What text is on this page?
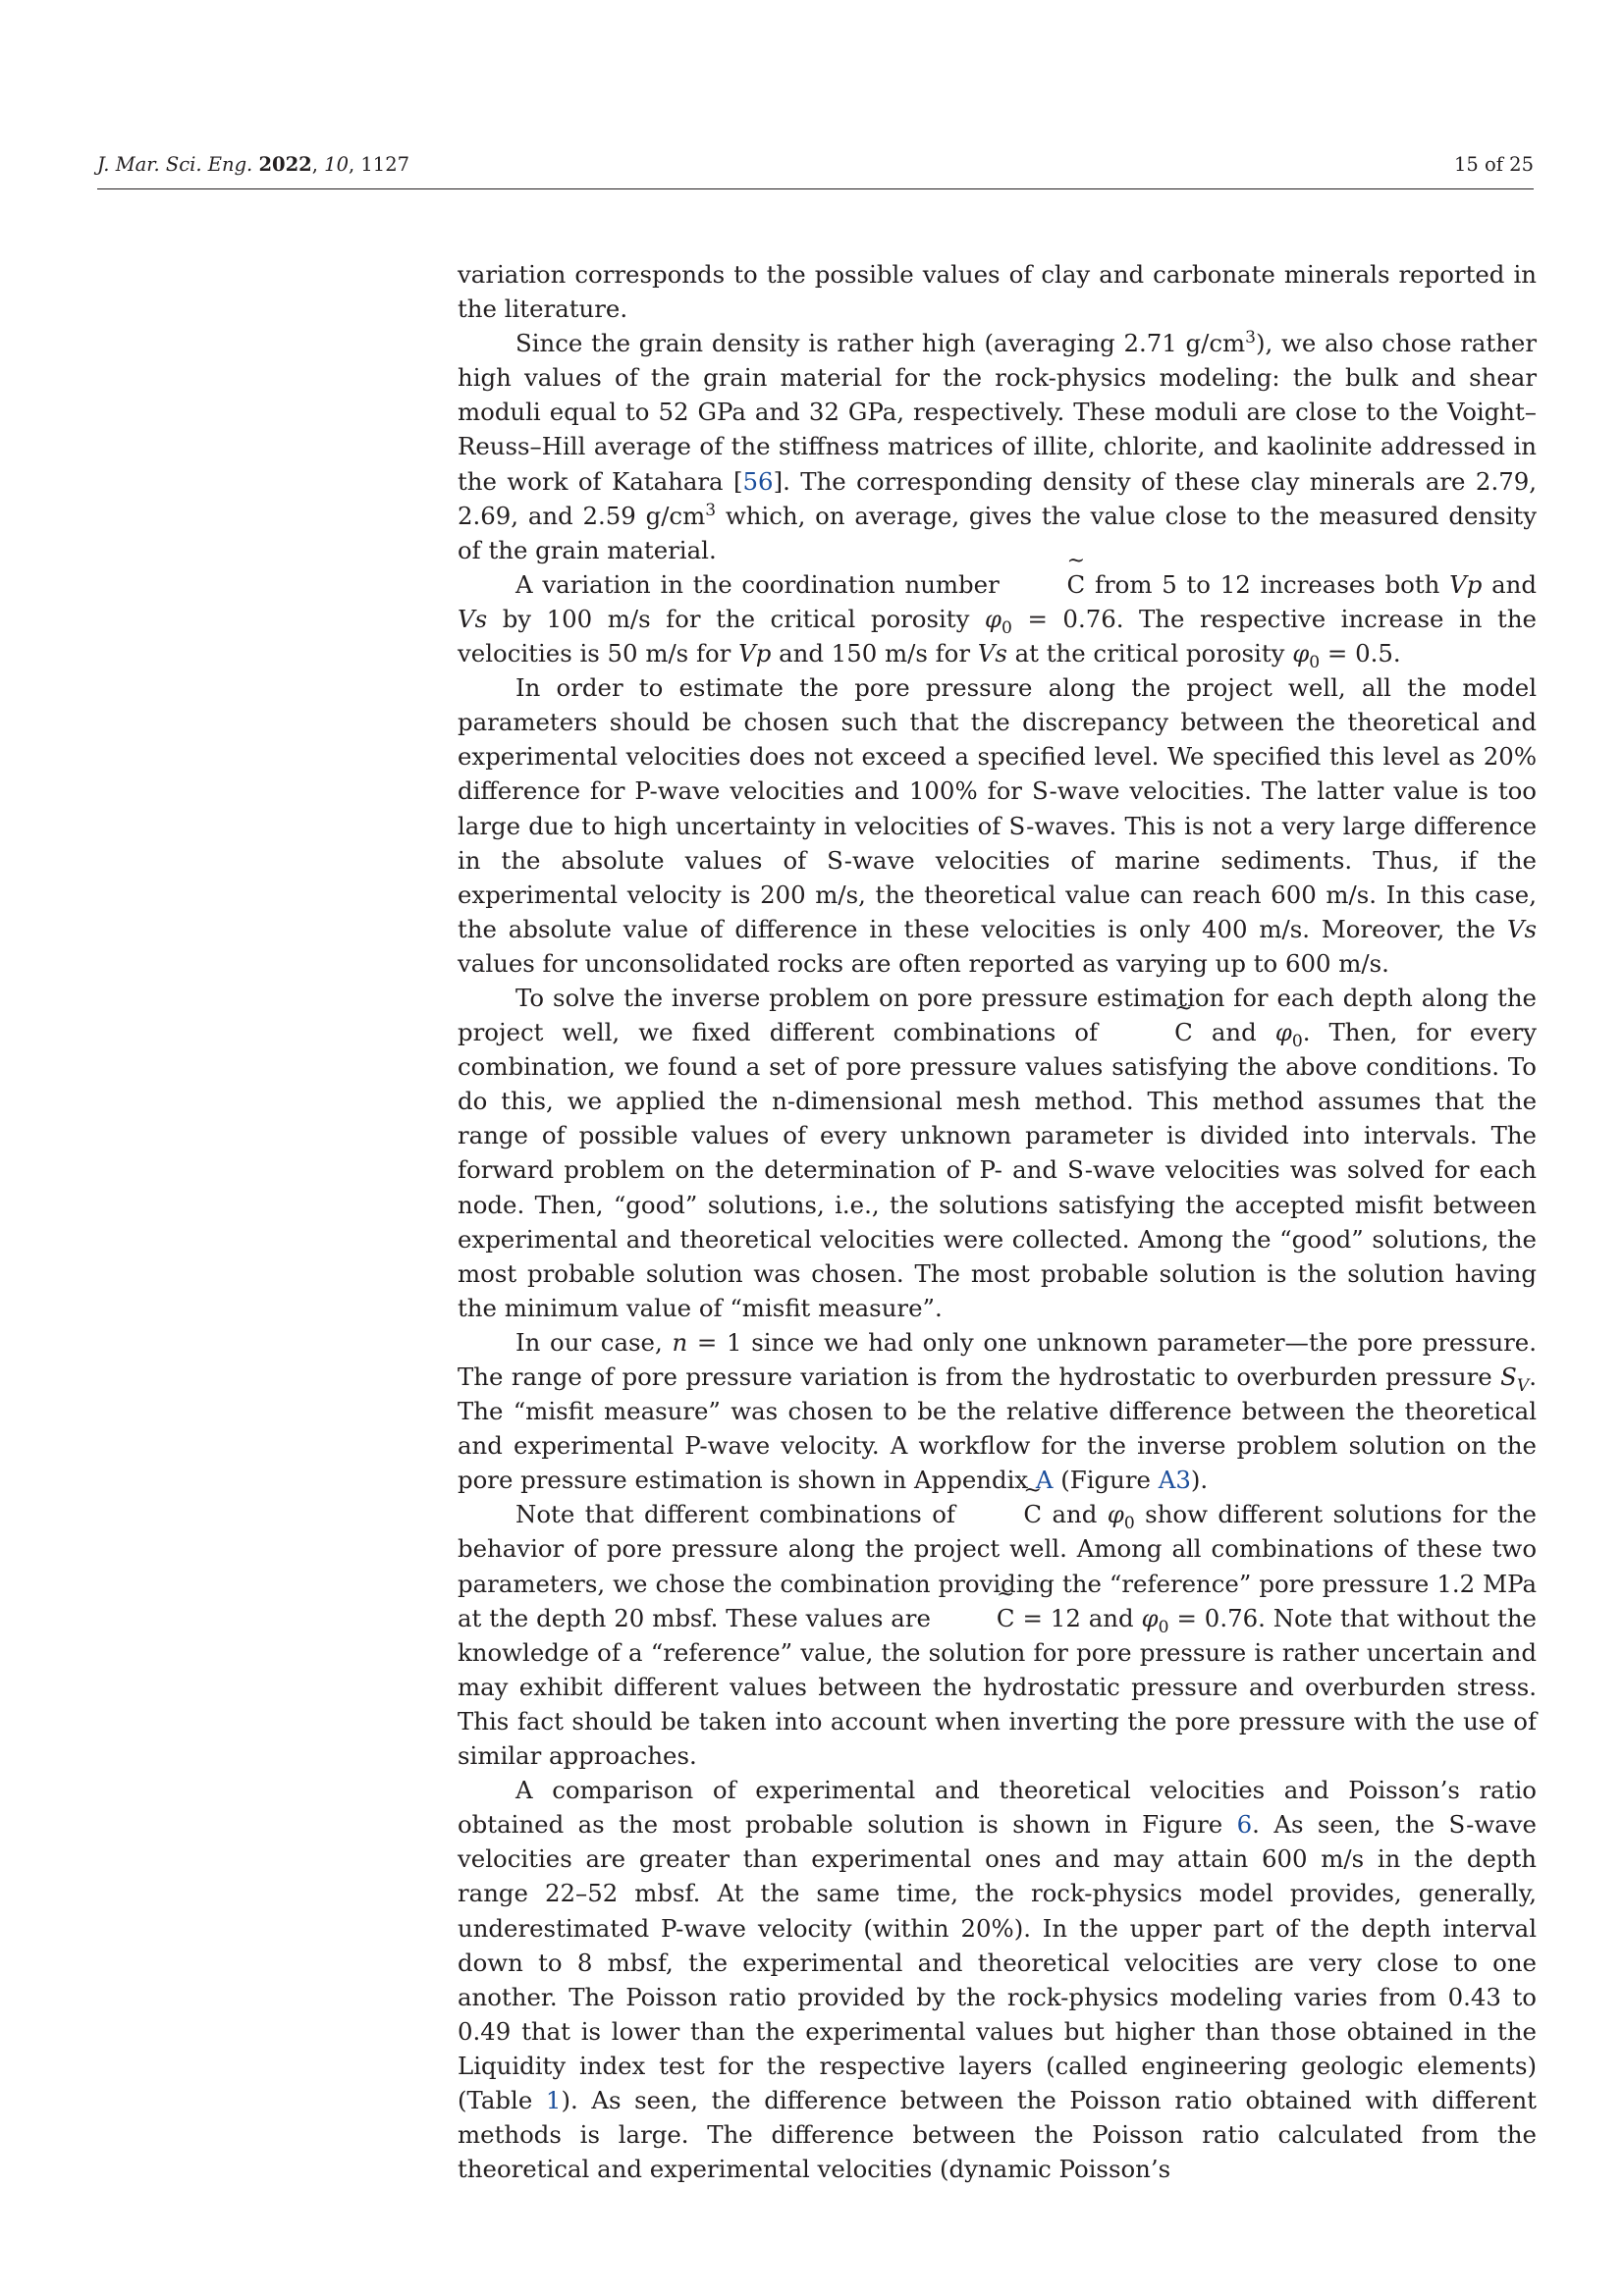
J. Mar. Sci. Eng. 2022, 10, 1127	15 of 25

variation corresponds to the possible values of clay and carbonate minerals reported in the literature.

Since the grain density is rather high (averaging 2.71 $g/cm^3$), we also chose rather high values of the grain material for the rock-physics modeling: the bulk and shear moduli equal to 52 GPa and 32 GPa, respectively. These moduli are close to the Voight–Reuss–Hill average of the stiffness matrices of illite, chlorite, and kaolinite addressed in the work of Katahara [56]. The corresponding density of these clay minerals are 2.79, 2.69, and 2.59 $g/cm^3$ which, on average, gives the value close to the measured density of the grain material.

A variation in the coordination number ~ C from 5 to 12 increases both Vp and Vs by 100 m/s for the critical porosity $\varphi_0 = 0.76$. The respective increase in the velocities is 50 m/s for Vp and 150 m/s for Vs at the critical porosity $\varphi_0 = 0.5$.

In order to estimate the pore pressure along the project well, all the model parameters should be chosen such that the discrepancy between the theoretical and experimental velocities does not exceed a specified level. We specified this level as 20% difference for P-wave velocities and 100% for S-wave velocities. The latter value is too large due to high uncertainty in velocities of S-waves. This is not a very large difference in the absolute values of S-wave velocities of marine sediments. Thus, if the experimental velocity is 200 m/s, the theoretical value can reach 600 m/s. In this case, the absolute value of difference in these velocities is only 400 m/s. Moreover, the Vs values for unconsolidated rocks are often reported as varying up to 600 m/s.

To solve the inverse problem on pore pressure estimation for each depth along the project well, we fixed different combinations of ~ C and $\varphi_0$. Then, for every combination, we found a set of pore pressure values satisfying the above conditions. To do this, we applied the n-dimensional mesh method. This method assumes that the range of possible values of every unknown parameter is divided into intervals. The forward problem on the determination of P- and S-wave velocities was solved for each node. Then, “good” solutions, i.e., the solutions satisfying the accepted misfit between experimental and theoretical velocities were collected. Among the “good” solutions, the most probable solution was chosen. The most probable solution is the solution having the minimum value of “misfit measure”.

In our case, n = 1 since we had only one unknown parameter—the pore pressure. The range of pore pressure variation is from the hydrostatic to overburden pressure $S_V$. The “misfit measure” was chosen to be the relative difference between the theoretical and experimental P-wave velocity. A workflow for the inverse problem solution on the pore pressure estimation is shown in Appendix A (Figure A3).

Note that different combinations of ~ C and $\varphi_0$ show different solutions for the behavior of pore pressure along the project well. Among all combinations of these two parameters, we chose the combination providing the “reference” pore pressure 1.2 MPa at the depth 20 mbsf. These values are ~ C = 12 and $\varphi_0 = 0.76$. Note that without the knowledge of a “reference” value, the solution for pore pressure is rather uncertain and may exhibit different values between the hydrostatic pressure and overburden stress. This fact should be taken into account when inverting the pore pressure with the use of similar approaches.

A comparison of experimental and theoretical velocities and Poisson’s ratio obtained as the most probable solution is shown in Figure 6. As seen, the S-wave velocities are greater than experimental ones and may attain 600 m/s in the depth range 22–52 mbsf. At the same time, the rock-physics model provides, generally, underestimated P-wave velocity (within 20%). In the upper part of the depth interval down to 8 mbsf, the experimental and theoretical velocities are very close to one another. The Poisson ratio provided by the rock-physics modeling varies from 0.43 to 0.49 that is lower than the experimental values but higher than those obtained in the Liquidity index test for the respective layers (called engineering geologic elements) (Table 1). As seen, the difference between the Poisson ratio obtained with different methods is large. The difference between the Poisson ratio calculated from the theoretical and experimental velocities (dynamic Poisson’s
